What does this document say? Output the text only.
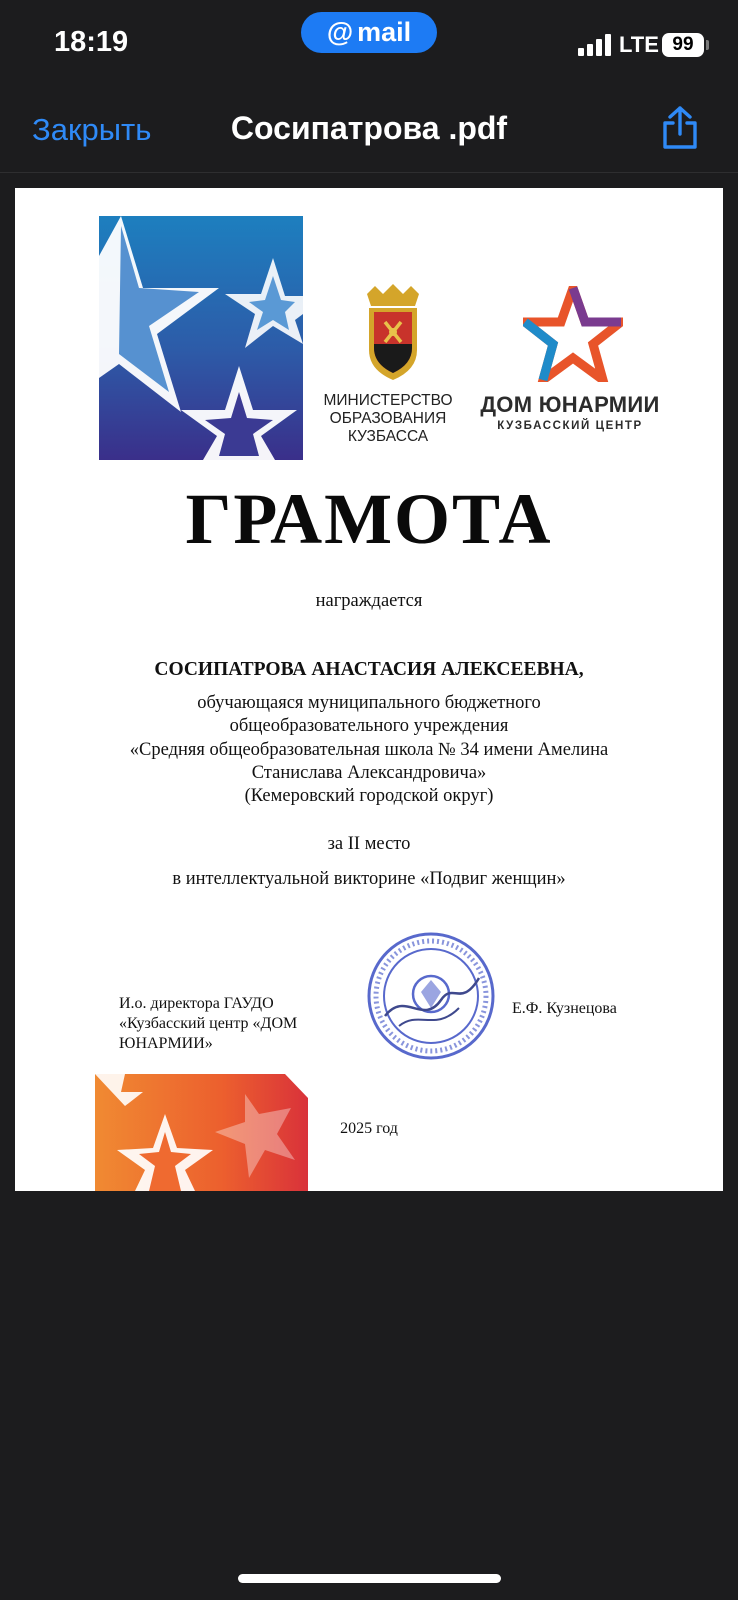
18:19	@ mail	LTE 99
Сосипатрова .pdf
Закрыть
МИНИСТЕРСТВО
ОБРАЗОВАНИЯ
КУЗБАССА
ДОМ ЮНАРМИИ
КУЗБАССКИЙ ЦЕНТР
ГРАМОТА
награждается
СОСИПАТРОВА АНАСТАСИЯ АЛЕКСЕЕВНА,
обучающаяся муниципального бюджетного
общеобразовательного учреждения
«Средняя общеобразовательная школа № 34 имени Амелина
Станислава Александровича»
(Кемеровский городской округ)
за II место
в интеллектуальной викторине «Подвиг женщин»
И.о. директора ГАУДО
«Кузбасский центр «ДОМ
ЮНАРМИИ»
Е.Ф. Кузнецова
2025 год
